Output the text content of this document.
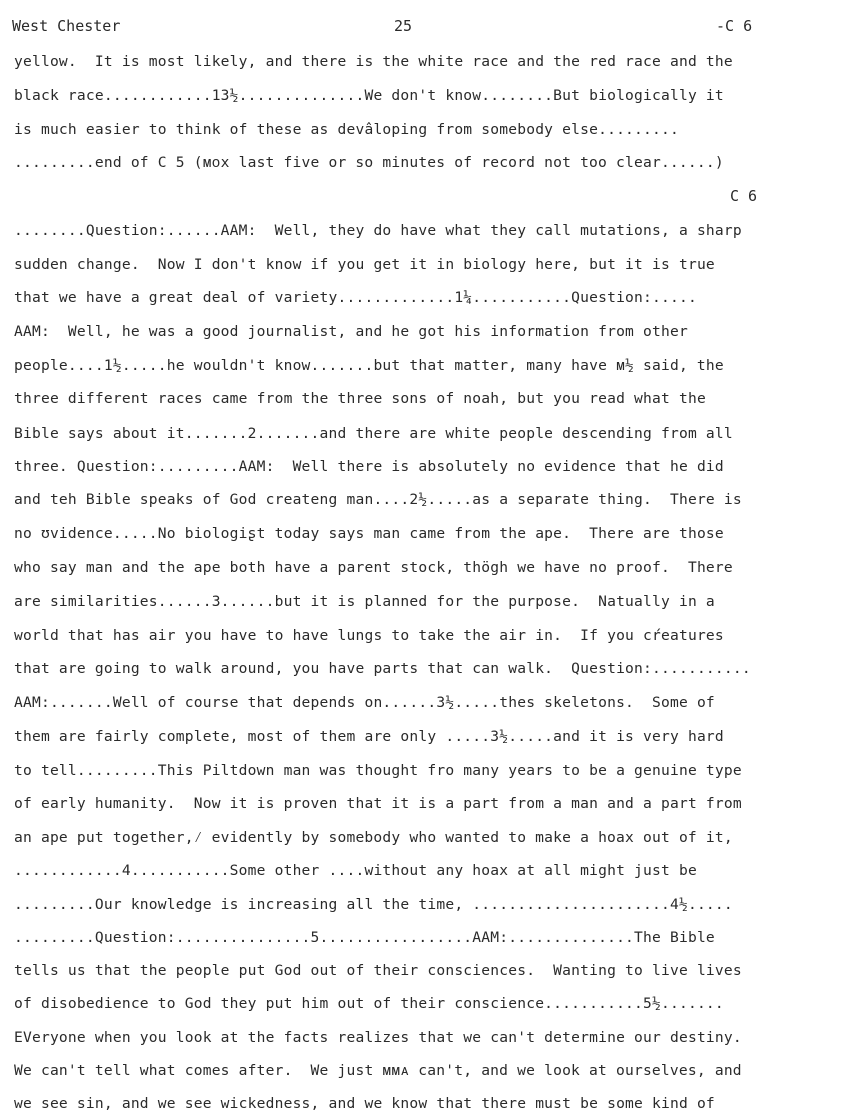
West Chester	25	-C 6
yellow.  It is most likely, and there is the white race and the red race and the
black race............13½..............We don't know........But biologically it
is much easier to think of these as devâloping from somebody else.........
.........end of C 5 (ᴍᴏx last five or so minutes of record not too clear......)
C 6
........Question:......AAM:  Well, they do have what they call mutations, a sharp
sudden change.  Now I don't know if you get it in biology here, but it is true
that we have a great deal of variety.............1¼...........Question:.....
AAM:  Well, he was a good journalist, and he got his information from other
people....1½.....he wouldn't know.......but that matter, many have ᴍ½ said, the
three different races came from the three sons of noah, but you read what the
Bible says about it.......2.......and there are white people descending from all
three. Question:.........AAM:  Well there is absolutely no evidence that he did
and teh Bible speaks of God createng man....2½.....as a separate thing.  There is
no ʊvidence.....No biologiʂt today says man came from the ape.  There are those
who say man and the ape both have a parent stock, thögh we have no proof.  There
are similarities......3......but it is planned for the purpose.  Natually in a
world that has air you have to have lungs to take the air in.  If you cŕeatures
that are going to walk around, you have parts that can walk.  Question:...........
AAM:.......Well of course that depends on......3½.....thes skeletons.  Some of
them are fairly complete, most of them are only .....3½.....and it is very hard
to tell.........This Piltdown man was thought fro many years to be a genuine type
of early humanity.  Now it is proven that it is a part from a man and a part from
an ape put together,⁄ evidently by somebody who wanted to make a hoax out of it,
............4...........Some other ....without any hoax at all might just be
.........Our knowledge is increasing all the time, ......................4½.....
.........Question:...............5.................AAM:..............The Bible
tells us that the people put God out of their consciences.  Wanting to live lives
of disobedience to God they put him out of their conscience...........5½.......
EVeryone when you look at the facts realizes that we can't determine our destiny.
We can't tell what comes after.  We just ᴍᴍᴀ can't, and we look at ourselves, and
we see sin, and we see wickedness, and we know that there must be some kind of
